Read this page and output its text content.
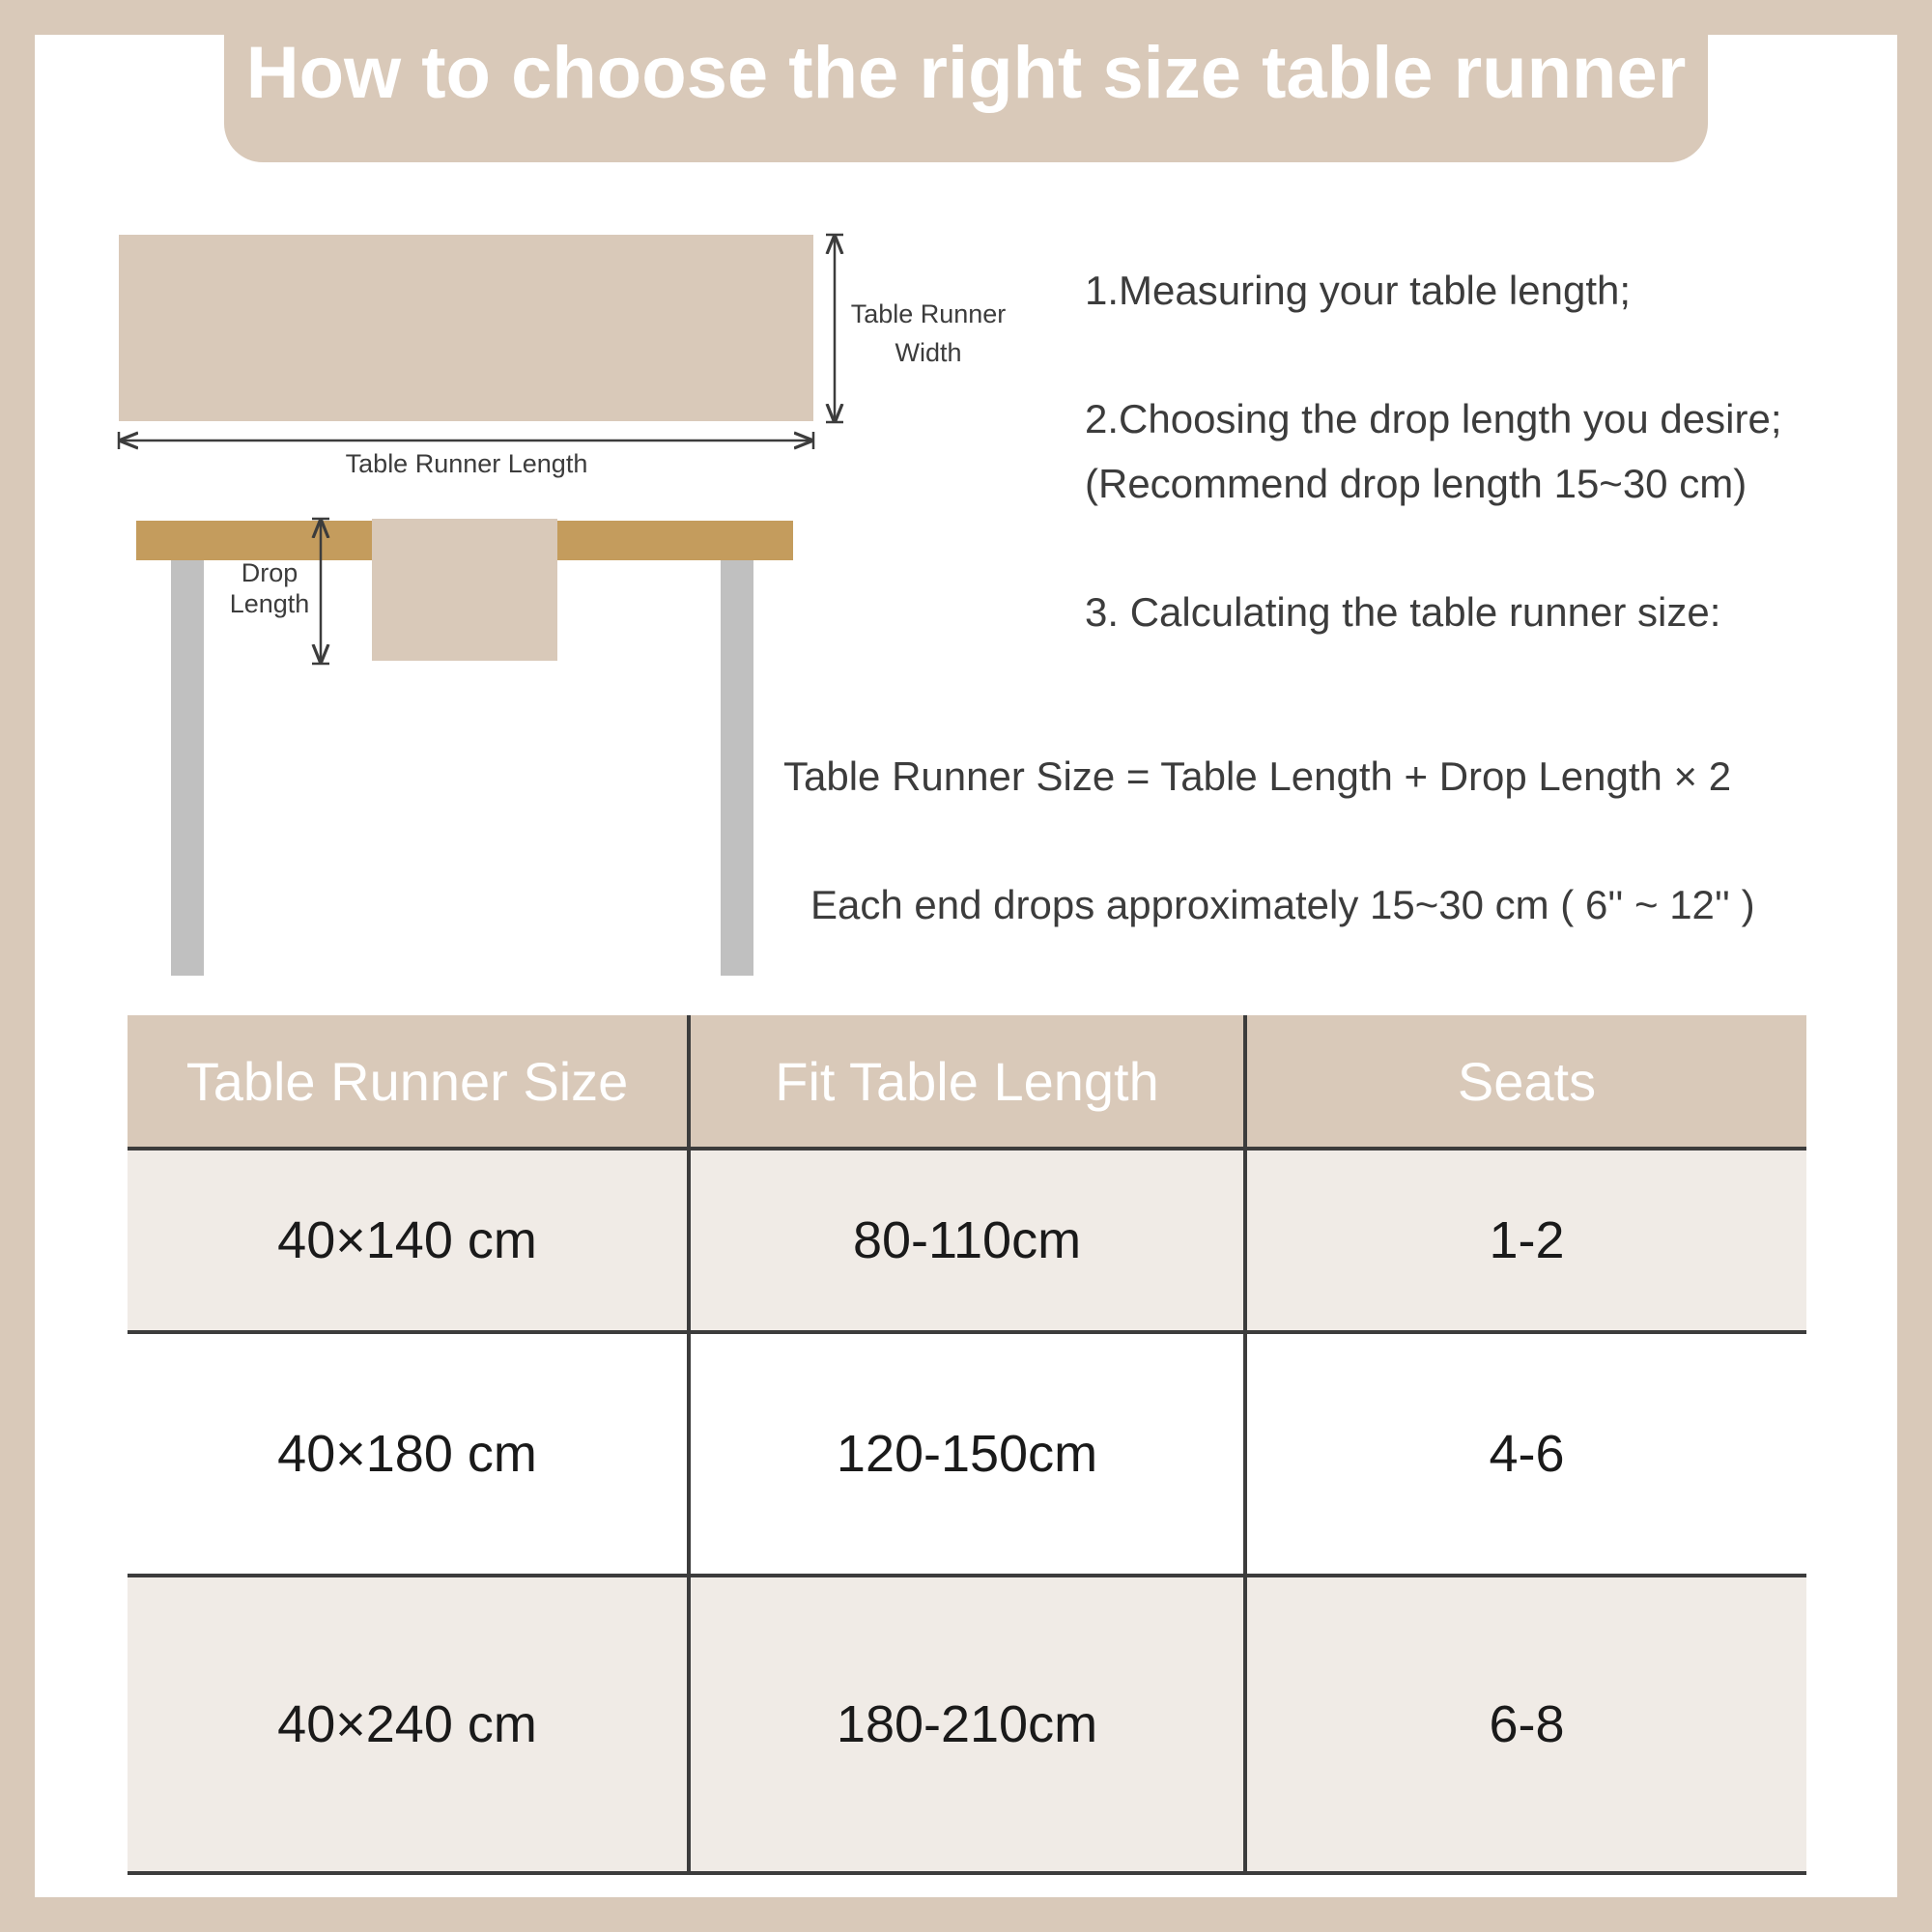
How to choose the right size table runner
Table Runner
Width
Table Runner Length
Drop
Length
1.Measuring your table length;
2.Choosing the drop length you desire;
(Recommend drop length 15~30 cm)
3. Calculating the table runner size:
Table Runner Size = Table Length + Drop Length × 2
Each end drops approximately 15~30 cm ( 6'' ~ 12'' )
Table Runner Size	Fit Table Length	Seats
40×140 cm	80-110cm	1-2
40×180 cm	120-150cm	4-6
40×240 cm	180-210cm	6-8
